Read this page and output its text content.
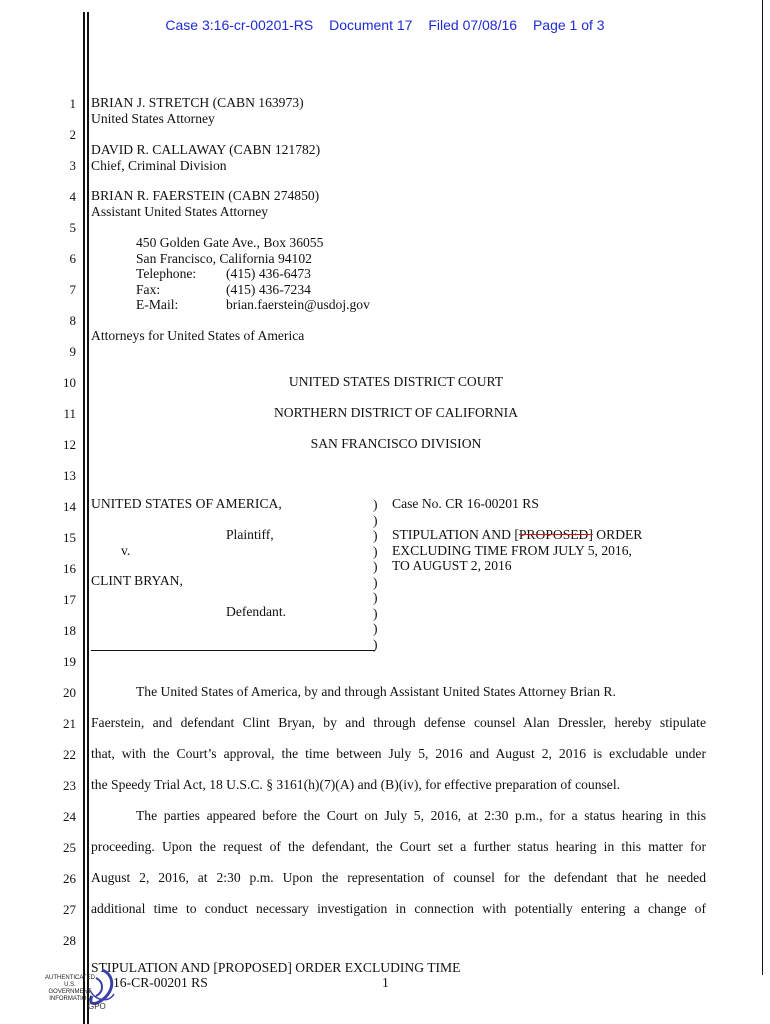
Case 3:16-cr-00201-RS Document 17 Filed 07/08/16 Page 1 of 3
1
2
3
4
5
6
7
8
9
10
11
12
13
14
15
16
17
18
19
20
21
22
23
24
25
26
27
28
BRIAN J. STRETCH (CABN 163973)
United States Attorney
DAVID R. CALLAWAY (CABN 121782)
Chief, Criminal Division
BRIAN R. FAERSTEIN (CABN 274850)
Assistant United States Attorney
450 Golden Gate Ave., Box 36055
San Francisco, California 94102
Telephone: (415) 436-6473
Fax:	(415) 436-7234
E-Mail:	brian.faerstein@usdoj.gov
Attorneys for United States of America
UNITED STATES DISTRICT COURT
NORTHERN DISTRICT OF CALIFORNIA
SAN FRANCISCO DIVISION
UNITED STATES OF AMERICA,
Plaintiff,
v.
CLINT BRYAN,
Defendant.
)
)
)
)
)
)
)
)
)
)
Case No. CR 16-00201 RS
STIPULATION AND [PROPOSED] ORDER
EXCLUDING TIME FROM JULY 5, 2016,
TO AUGUST 2, 2016
The United States of America, by and through Assistant United States Attorney Brian R.
Faerstein, and defendant Clint Bryan, by and through defense counsel Alan Dressler, hereby stipulate
that, with the Court’s approval, the time between July 5, 2016 and August 2, 2016 is excludable under
the Speedy Trial Act, 18 U.S.C. § 3161(h)(7)(A) and (B)(iv), for effective preparation of counsel.
The parties appeared before the Court on July 5, 2016, at 2:30 p.m., for a status hearing in this
proceeding. Upon the request of the defendant, the Court set a further status hearing in this matter for
August 2, 2016, at 2:30 p.m. Upon the representation of counsel for the defendant that he needed
additional time to conduct necessary investigation in connection with potentially entering a change of
STIPULATION AND [PROPOSED] ORDER EXCLUDING TIME
16-CR-00201 RS	1
AUTHENTICATED U.S. GOVERNMENT INFORMATION
GPO
